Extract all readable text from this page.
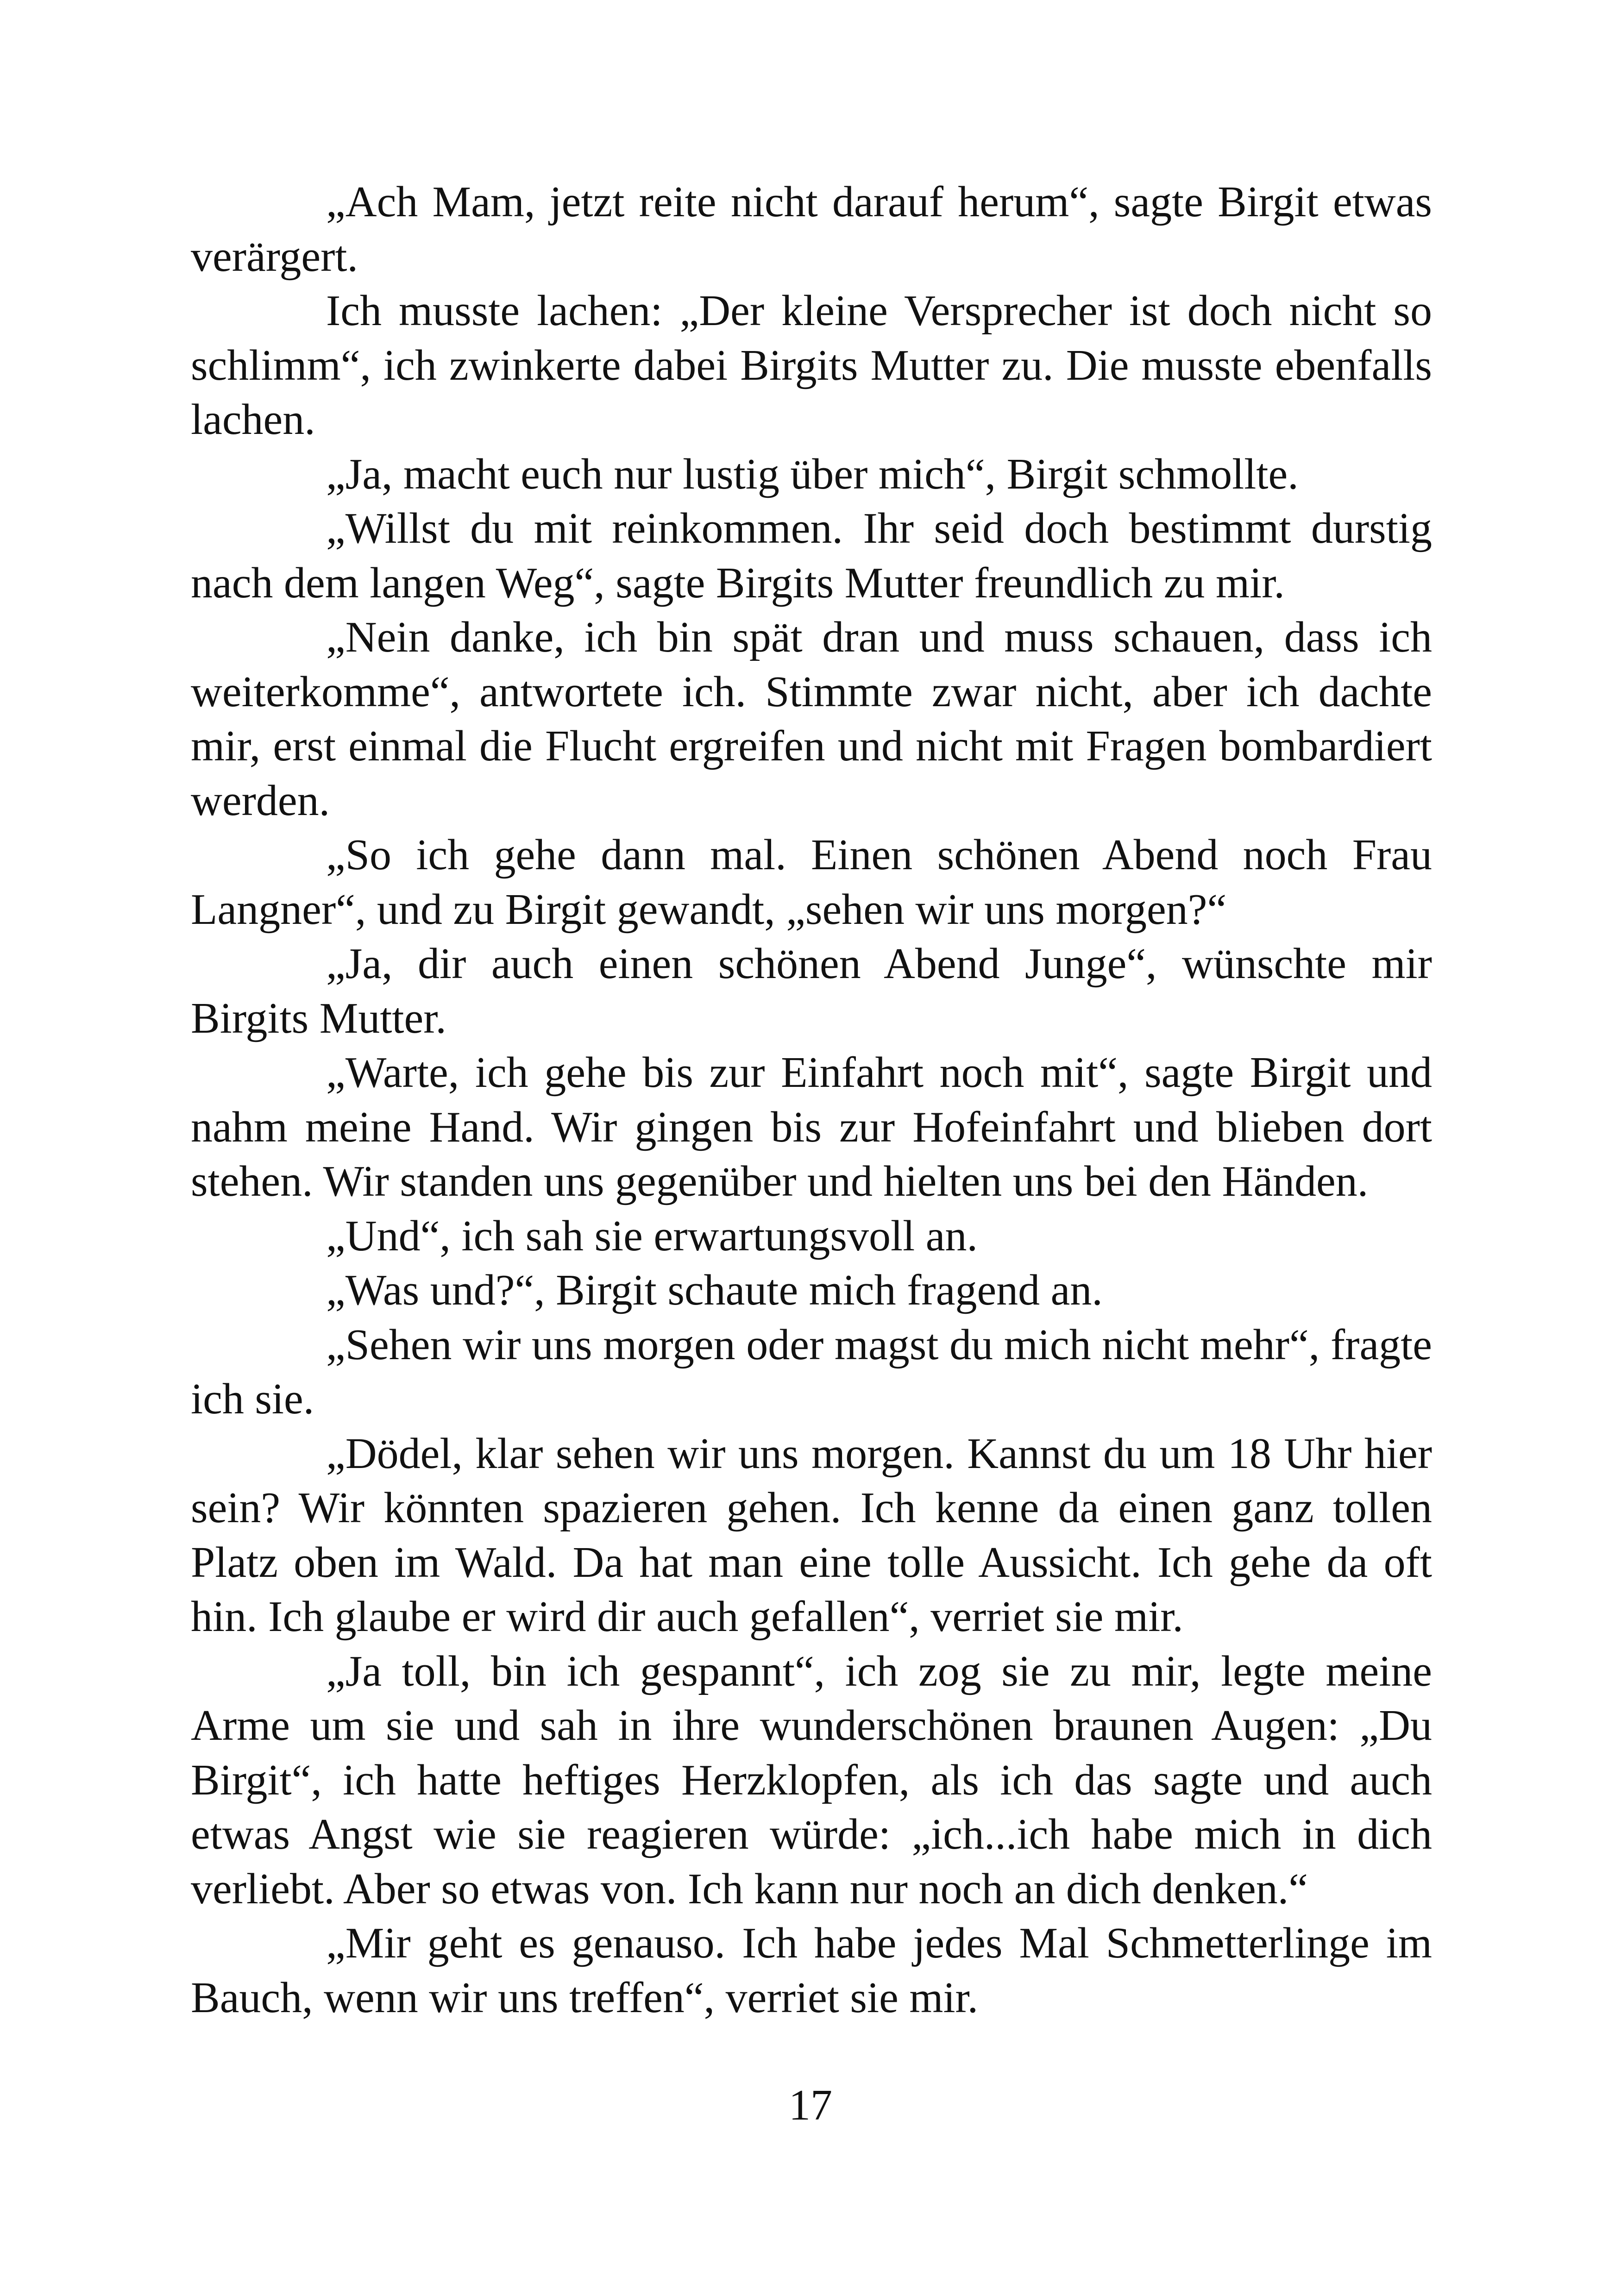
„Ach Mam, jetzt reite nicht darauf herum“, sagte Birgit etwas verärgert.

Ich musste lachen: „Der kleine Versprecher ist doch nicht so schlimm“, ich zwinkerte dabei Birgits Mutter zu. Die musste ebenfalls lachen.

„Ja, macht euch nur lustig über mich“, Birgit schmollte.

„Willst du mit reinkommen. Ihr seid doch bestimmt durstig nach dem langen Weg“, sagte Birgits Mutter freundlich zu mir.

„Nein danke, ich bin spät dran und muss schauen, dass ich weiterkomme“, antwortete ich. Stimmte zwar nicht, aber ich dachte mir, erst einmal die Flucht ergreifen und nicht mit Fragen bombardiert werden.

„So ich gehe dann mal. Einen schönen Abend noch Frau Langner“, und zu Birgit gewandt, „sehen wir uns morgen?“

„Ja, dir auch einen schönen Abend Junge“, wünschte mir Birgits Mutter.

„Warte, ich gehe bis zur Einfahrt noch mit“, sagte Birgit und nahm meine Hand. Wir gingen bis zur Hofeinfahrt und blieben dort stehen. Wir standen uns gegenüber und hielten uns bei den Händen.

„Und“, ich sah sie erwartungsvoll an.

„Was und?“, Birgit schaute mich fragend an.

„Sehen wir uns morgen oder magst du mich nicht mehr“, fragte ich sie.

„Dödel, klar sehen wir uns morgen. Kannst du um 18 Uhr hier sein? Wir könnten spazieren gehen. Ich kenne da einen ganz tollen Platz oben im Wald. Da hat man eine tolle Aussicht. Ich gehe da oft hin. Ich glaube er wird dir auch gefallen“, verriet sie mir.

„Ja toll, bin ich gespannt“, ich zog sie zu mir, legte meine Arme um sie und sah in ihre wunderschönen braunen Augen: „Du Birgit“, ich hatte heftiges Herzklopfen, als ich das sagte und auch etwas Angst wie sie reagieren würde: „ich...ich habe mich in dich verliebt. Aber so etwas von. Ich kann nur noch an dich denken.“

„Mir geht es genauso. Ich habe jedes Mal Schmetterlinge im Bauch, wenn wir uns treffen“, verriet sie mir.

17
